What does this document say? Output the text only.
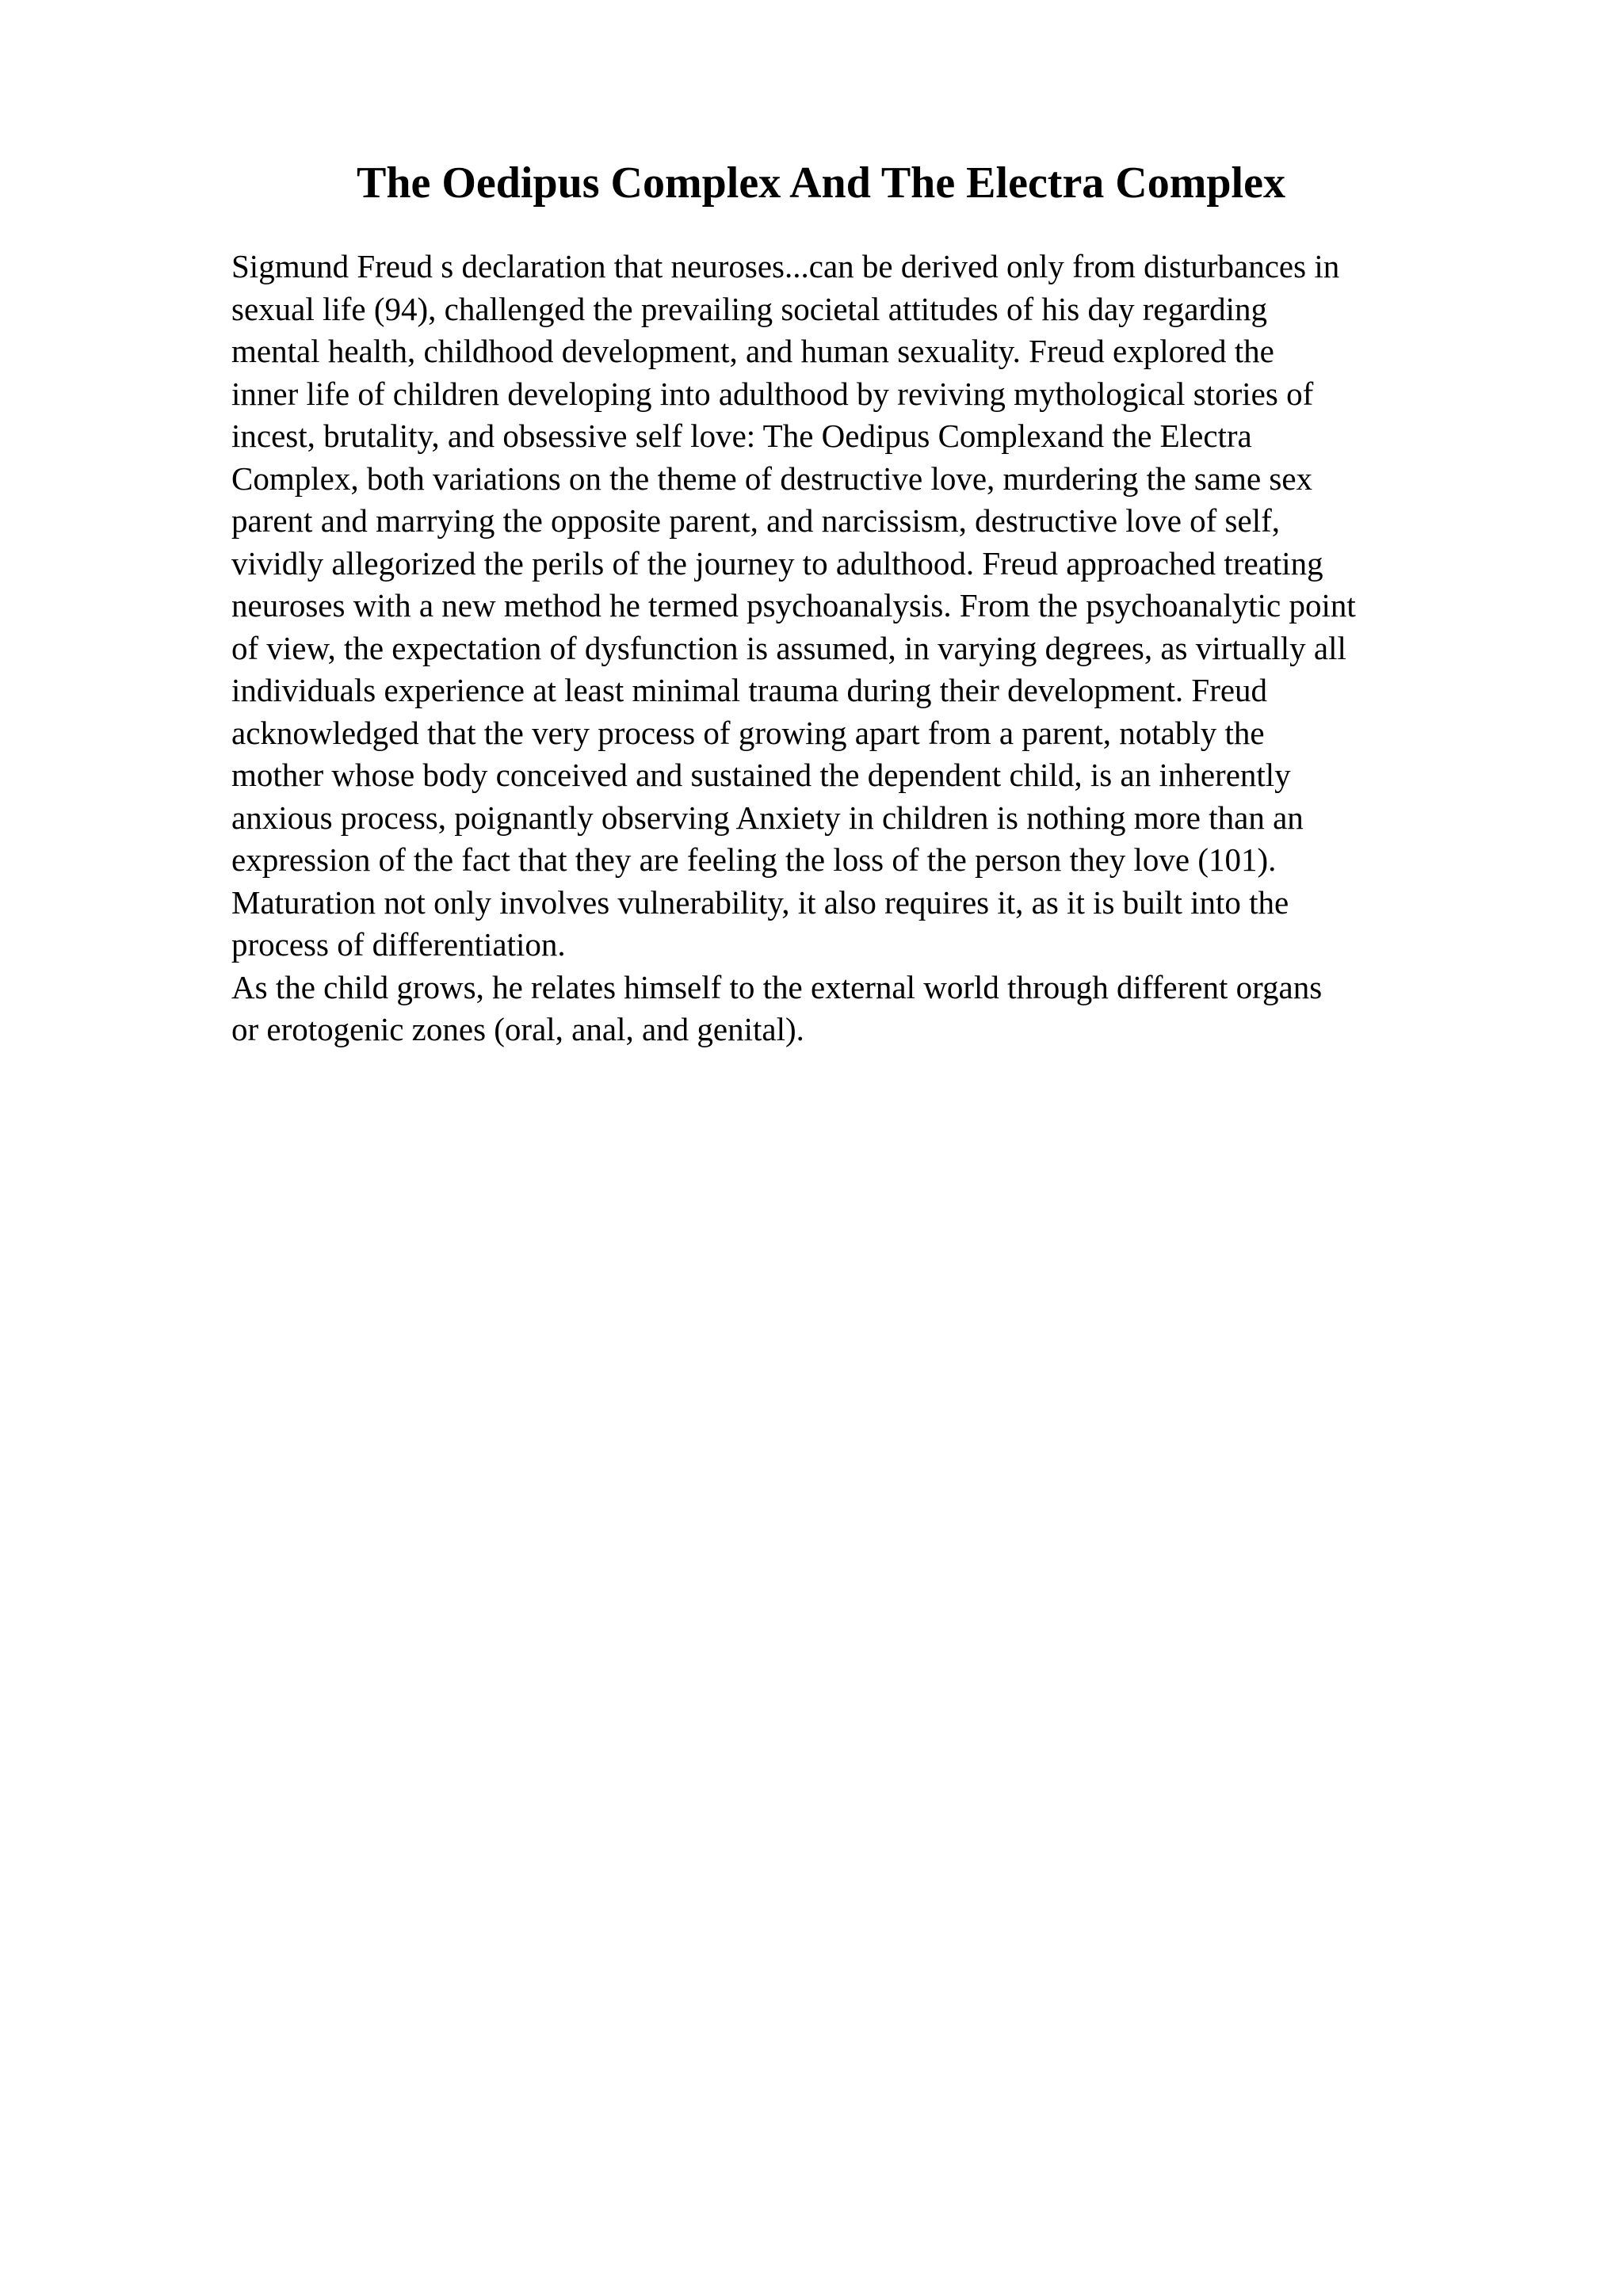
The Oedipus Complex And The Electra Complex
Sigmund Freud s declaration that neuroses...can be derived only from disturbances in
sexual life (94), challenged the prevailing societal attitudes of his day regarding
mental health, childhood development, and human sexuality. Freud explored the
inner life of children developing into adulthood by reviving mythological stories of
incest, brutality, and obsessive self love: The Oedipus Complexand the Electra
Complex, both variations on the theme of destructive love, murdering the same sex
parent and marrying the opposite parent, and narcissism, destructive love of self,
vividly allegorized the perils of the journey to adulthood. Freud approached treating
neuroses with a new method he termed psychoanalysis. From the psychoanalytic point
of view, the expectation of dysfunction is assumed, in varying degrees, as virtually all
individuals experience at least minimal trauma during their development. Freud
acknowledged that the very process of growing apart from a parent, notably the
mother whose body conceived and sustained the dependent child, is an inherently
anxious process, poignantly observing Anxiety in children is nothing more than an
expression of the fact that they are feeling the loss of the person they love (101).
Maturation not only involves vulnerability, it also requires it, as it is built into the
process of differentiation.
As the child grows, he relates himself to the external world through different organs
or erotogenic zones (oral, anal, and genital).
